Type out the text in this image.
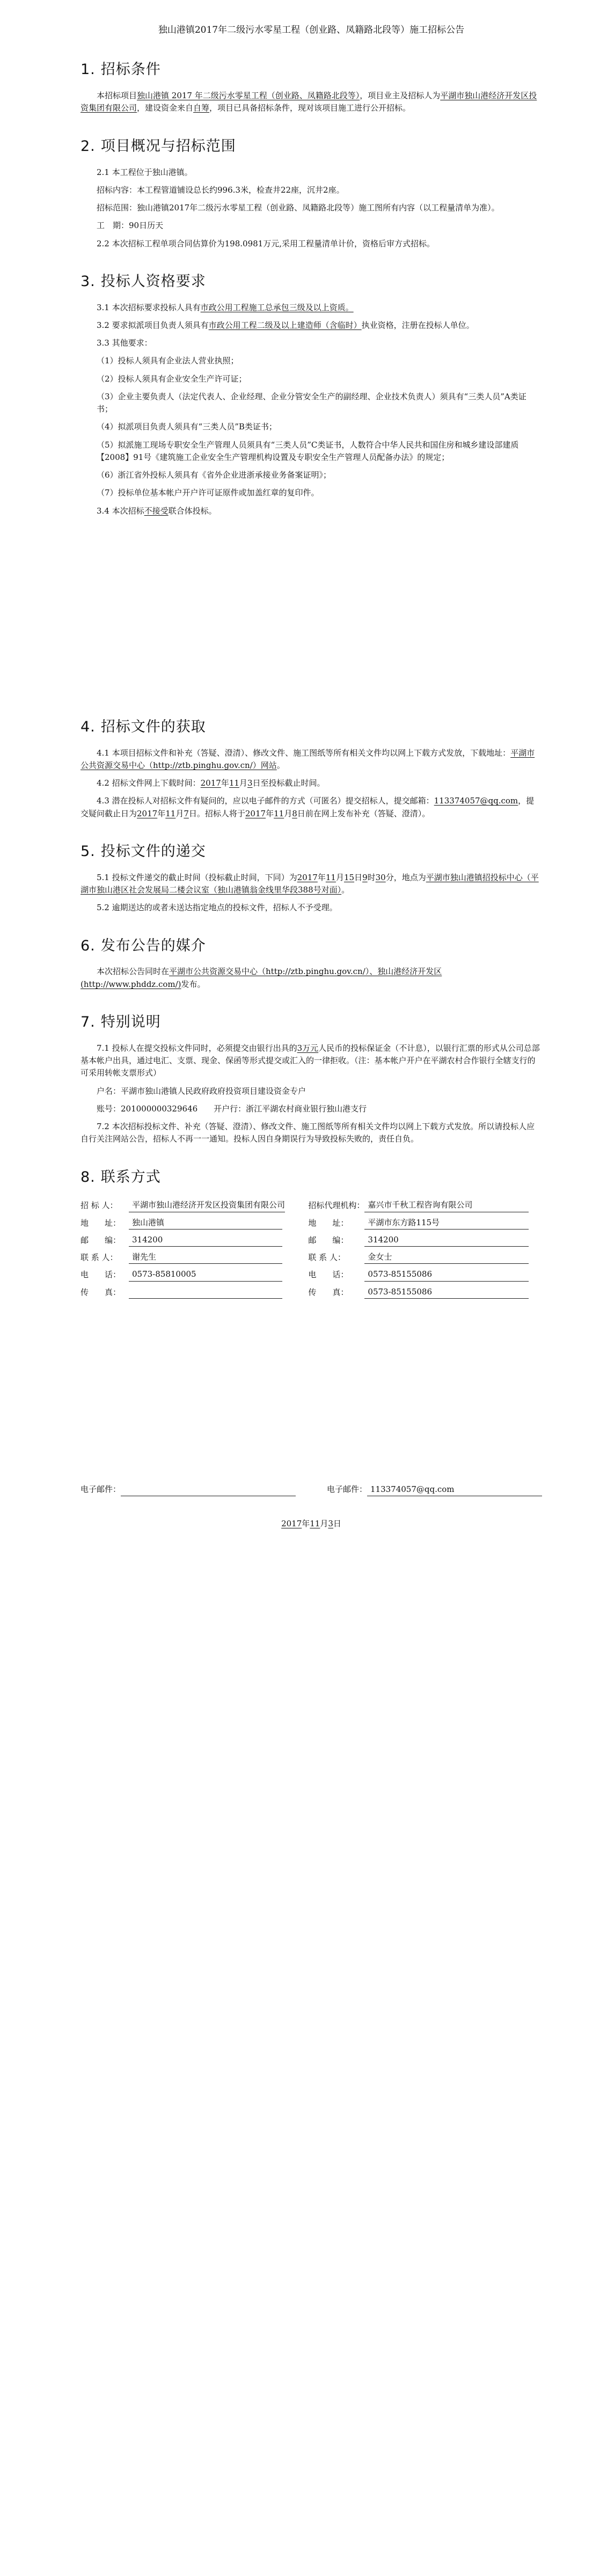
独山港镇2017年二级污水零星工程（创业路、凤籍路北段等）施工招标公告
1. 招标条件

本招标项目独山港镇 2017 年二级污水零星工程（创业路、凤籍路北段等），项目业主及招标人为平湖市独山港经济开发区投资集团有限公司，建设资金来自自筹，项目已具备招标条件，现对该项目施工进行公开招标。

2. 项目概况与招标范围

2.1 本工程位于独山港镇。

招标内容：本工程管道铺设总长约996.3米，检查井22座，沉井2座。

招标范围：独山港镇2017年二级污水零星工程（创业路、凤籍路北段等）施工图所有内容（以工程量清单为准）。

工　期：90日历天

2.2 本次招标工程单项合同估算价为198.0981万元,采用工程量清单计价，资格后审方式招标。

3. 投标人资格要求

3.1 本次招标要求投标人具有市政公用工程施工总承包三级及以上资质。

3.2 要求拟派项目负责人须具有市政公用工程二级及以上建造师（含临时）执业资格，注册在投标人单位。

3.3 其他要求：

（1）投标人须具有企业法人营业执照；

（2）投标人须具有企业安全生产许可证；

（3）企业主要负责人（法定代表人、企业经理、企业分管安全生产的副经理、企业技术负责人）须具有“三类人员”A类证书；

（4）拟派项目负责人须具有“三类人员”B类证书；

（5）拟派施工现场专职安全生产管理人员须具有“三类人员”C类证书，人数符合中华人民共和国住房和城乡建设部建质【2008】91号《建筑施工企业安全生产管理机构设置及专职安全生产管理人员配备办法》的规定；

（6）浙江省外投标人须具有《省外企业进浙承接业务备案证明》；

（7）投标单位基本帐户开户许可证原件或加盖红章的复印件。

3.4 本次招标不接受联合体投标。

4. 招标文件的获取

4.1 本项目招标文件和补充（答疑、澄清）、修改文件、施工图纸等所有相关文件均以网上下载方式发放，下载地址：平湖市公共资源交易中心（http://ztb.pinghu.gov.cn/）网站。

4.2 招标文件网上下载时间：2017年11月3日至投标截止时间。

4.3 潜在投标人对招标文件有疑问的，应以电子邮件的方式（可匿名）提交招标人，提交邮箱：113374057@qq.com，提交疑问截止日为2017年11月7日。招标人将于2017年11月8日前在网上发布补充（答疑、澄清）。

5. 投标文件的递交

5.1 投标文件递交的截止时间（投标截止时间，下同）为2017年11月15日9时30分，地点为平湖市独山港镇招投标中心（平湖市独山港区社会发展局二楼会议室（独山港镇翁金线里华段388号对面）。

5.2 逾期送达的或者未送达指定地点的投标文件，招标人不予受理。

6. 发布公告的媒介

本次招标公告同时在平湖市公共资源交易中心（http://ztb.pinghu.gov.cn/）、独山港经济开发区(http://www.phddz.com/)发布。

7. 特别说明

7.1 投标人在提交投标文件同时，必须提交由银行出具的3万元人民币的投标保证金（不计息），以银行汇票的形式从公司总部基本帐户出具，通过电汇、支票、现金、保函等形式提交或汇入的一律拒收。（注：基本帐户开户在平湖农村合作银行全辖支行的可采用转帐支票形式）

户名：平湖市独山港镇人民政府政府投资项目建设资金专户

账号：201000000329646　　开户行：浙江平湖农村商业银行独山港支行

7.2 本次招标投标文件、补充（答疑、澄清）、修改文件、施工图纸等所有相关文件均以网上下载方式发放。所以请投标人应自行关注网站公告，招标人不再一一通知。投标人因自身期误行为导致投标失败的，责任自负。

8. 联系方式
招 标 人：	平湖市独山港经济开发区投资集团有限公司	招标代理机构：	嘉兴市千秋工程咨询有限公司
地　　址：	独山港镇	地　　址：	平湖市东方路115号
邮　　编：	314200	邮　　编：	314200
联 系 人：	谢先生	联 系 人：	金女士
电　　话：	0573-85810005	电　　话：	0573-85155086
传　　真：		传　　真：	0573-85155086
电子邮件：	电子邮件： 113374057@qq.com
2017年11月3日
